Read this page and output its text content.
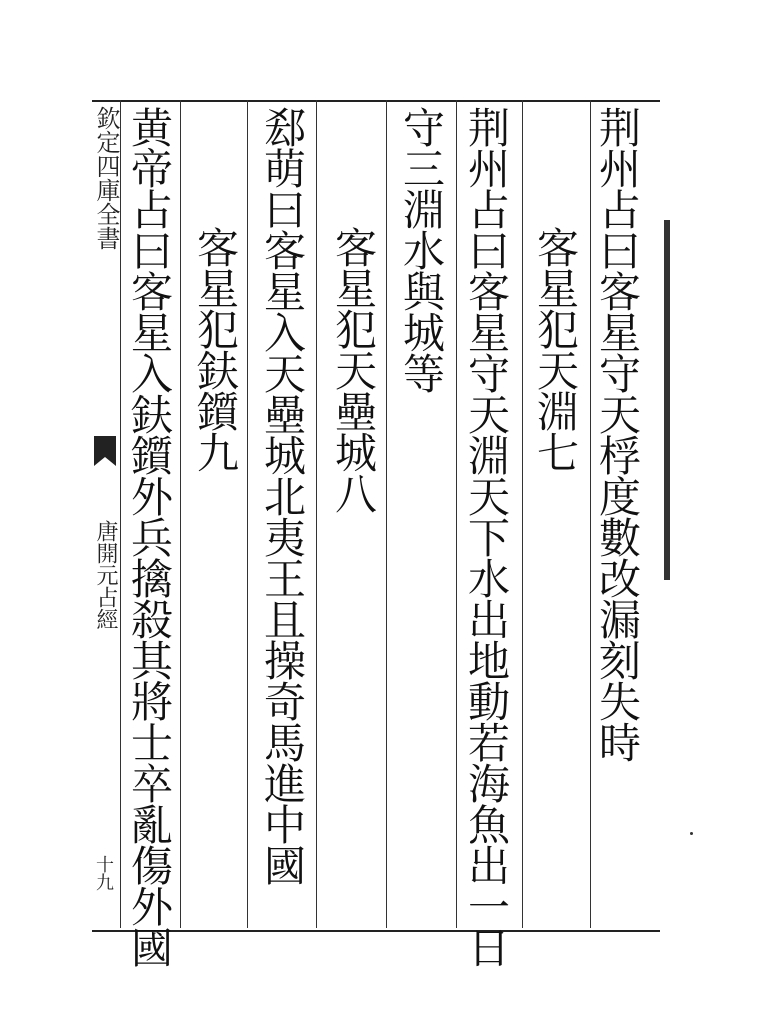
欽定四庫全書
唐開元占經
十九
荆州占曰客星守天桴度數改漏刻失時
客星犯天淵七
荆州占曰客星守天淵天下水出地動若海魚出一日
守三淵水與城等
客星犯天壘城八
郄萌曰客星入天壘城北夷王且操奇馬進中國
客星犯鈇鑕九
黄帝占曰客星入鈇鑕外兵擒殺其將士卒亂傷外國
